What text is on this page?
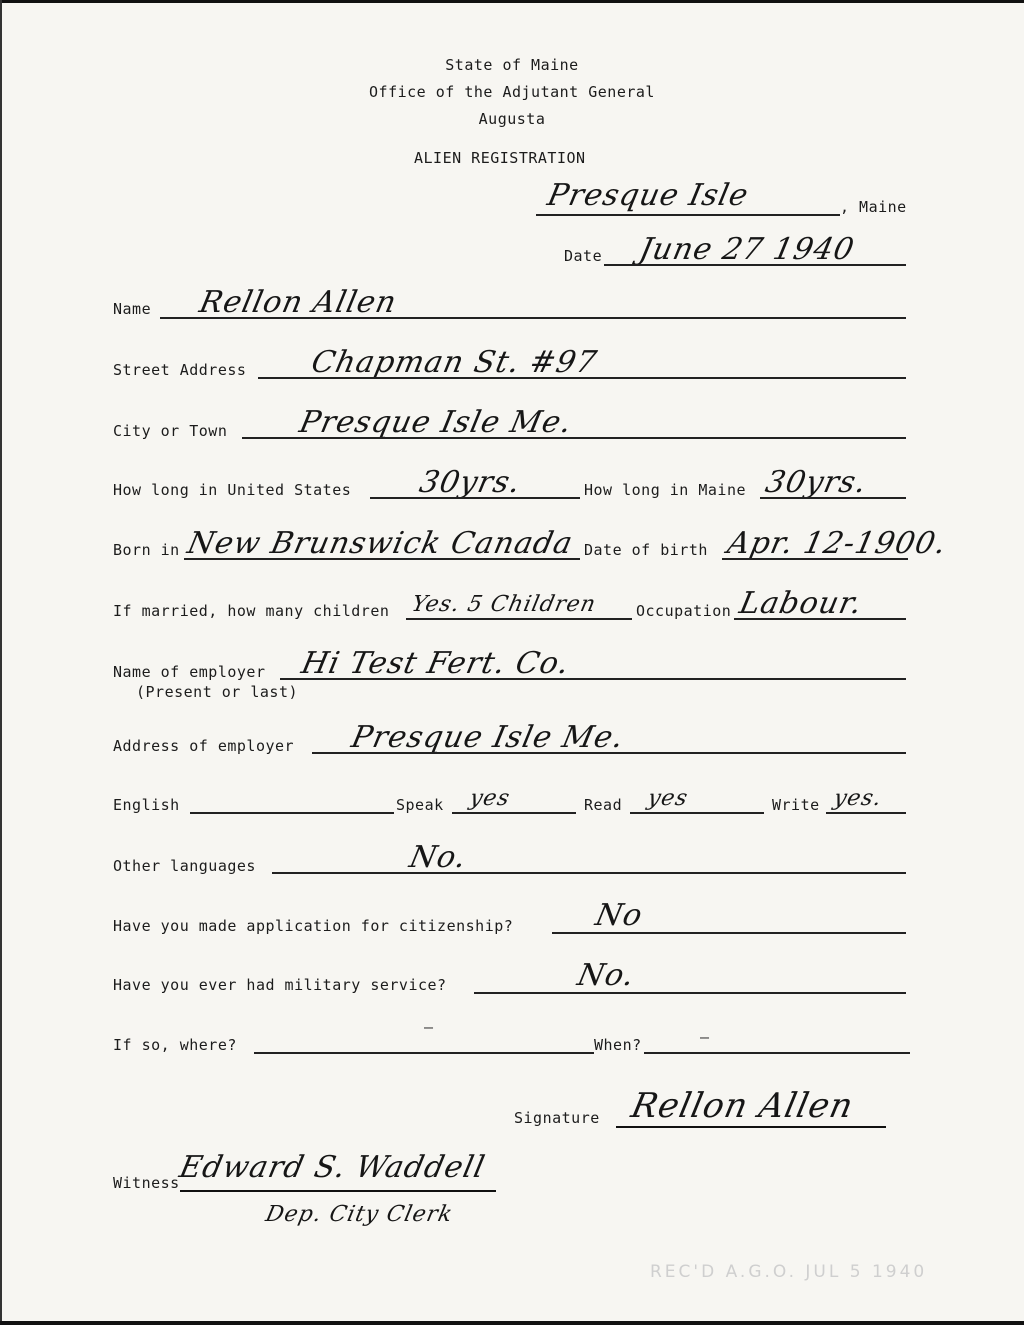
State of Maine
Office of the Adjutant General
Augusta
ALIEN REGISTRATION
Presque Isle	, Maine
Date June 27 1940
Name Rellon Allen
Street Address Chapman St. #97
City or Town Presque Isle Me.
How long in United States 30yrs.	How long in Maine 30yrs.
Born in New Brunswick Canada Date of birth Apr. 12-1900.
If married, how many children Yes. 5 Children	Occupation Labour.
Name of employer
(Present or last)
Hi Test Fert. Co.
Address of employer Presque Isle Me.
English	Speak yes	Read yes	Write yes.
Other languages	No.
Have you made application for citizenship?	No
Have you ever had military service?	No.
If so, where?
—
When?	—
Signature Rellon Allen
Witness
Edward S. Waddell
Dep. City Clerk
REC'D A.G.O. JUL 5 1940
